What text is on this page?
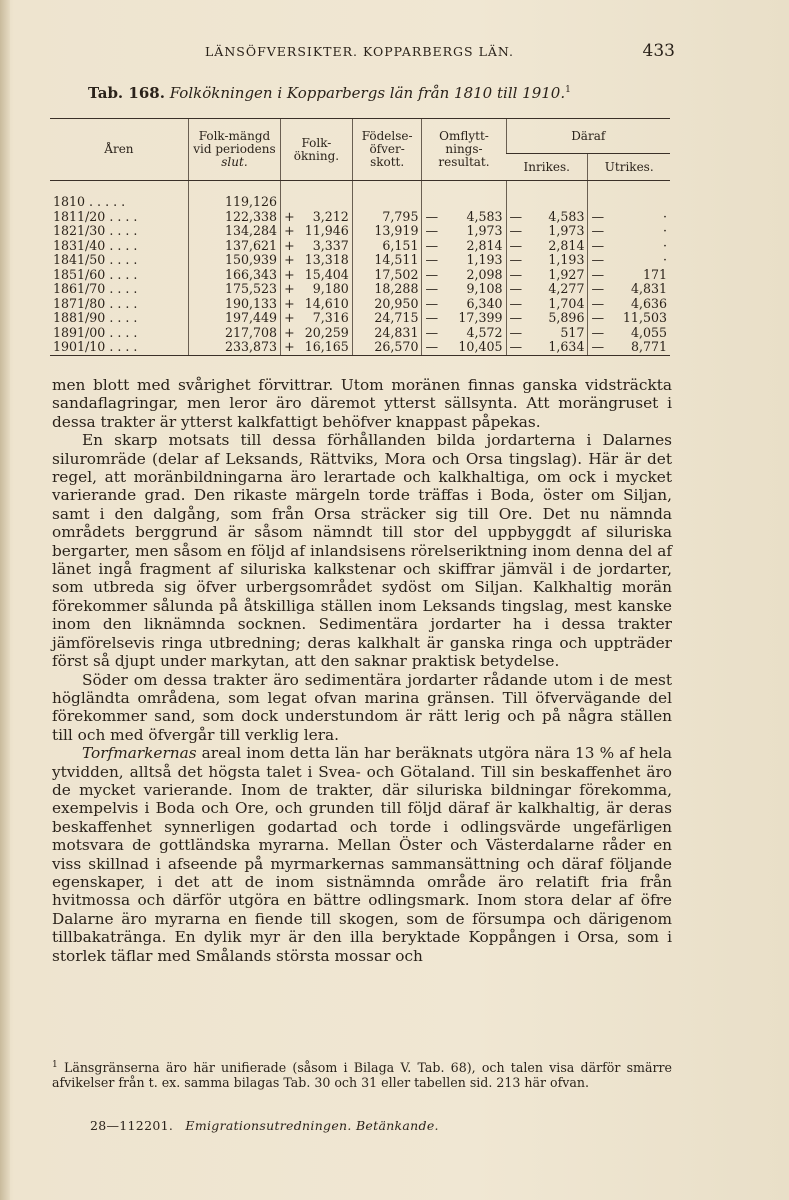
LÄNSÖFVERSIKTER. KOPPARBERGS LÄN.	433
Tab. 168. Folkökningen i Kopparbergs län från 1810 till 1910.$^1$
Åren	Folk-mängd vid periodens
slut.	Folk-ökning.	Födelse-öfver-skott.	Omflytt-nings-resultat.	Däraf	
					Inrikes.	Utrikes.
1810 . . . . .	119,126	

1811/20 . . . .	122,338	+ 3,212	7,795	— 4,583	— 4,583	— ·
1821/30 . . . .	134,284	+ 11,946	13,919	— 1,973	— 1,973	— ·
1831/40 . . . .	137,621	+ 3,337	6,151	— 2,814	— 2,814	— ·
1841/50 . . . .	150,939	+ 13,318	14,511	— 1,193	— 1,193	— ·
1851/60 . . . .	166,343	+ 15,404	17,502	— 2,098	— 1,927	— 171
1861/70 . . . .	175,523	+ 9,180	18,288	— 9,108	— 4,277	— 4,831
1871/80 . . . .	190,133	+ 14,610	20,950	— 6,340	— 1,704	— 4,636
1881/90 . . . .	197,449	+ 7,316	24,715	— 17,399	— 5,896	— 11,503
1891/00 . . . .	217,708	+ 20,259	24,831	— 4,572	— 517	— 4,055
1901/10 . . . .	233,873	+ 16,165	26,570	— 10,405	— 1,634	— 8,771

men blott med svårighet förvittrar. Utom moränen finnas ganska vidsträckta sandaflagringar, men leror äro däremot ytterst sällsynta. Att morängruset i dessa trakter är ytterst kalkfattigt behöfver knappast påpekas.

En skarp motsats till dessa förhållanden bilda jordarterna i Dalarnes siluromräde (delar af Leksands, Rättviks, Mora och Orsa tingslag). Här är det regel, att moränbildningarna äro lerartade och kalkhaltiga, om ock i mycket varierande grad. Den rikaste märgeln torde träffas i Boda, öster om Siljan, samt i den dalgång, som från Orsa sträcker sig till Ore. Det nu nämnda områdets berggrund är såsom nämndt till stor del uppbyggdt af siluriska bergarter, men såsom en följd af inlandsisens rörelseriktning inom denna del af länet ingå fragment af siluriska kalkstenar och skiffrar jämväl i de jordarter, som utbreda sig öfver urbergsområdet sydöst om Siljan. Kalkhaltig morän förekommer sålunda på åtskilliga ställen inom Leksands tingslag, mest kanske inom den liknämnda socknen. Sedimentära jordarter ha i dessa trakter jämförelsevis ringa utbredning; deras kalkhalt är ganska ringa och uppträder först så djupt under markytan, att den saknar praktisk betydelse.

Söder om dessa trakter äro sedimentära jordarter rådande utom i de mest högländta områdena, som legat ofvan marina gränsen. Till öfvervägande del förekommer sand, som dock understundom är rätt lerig och på några ställen till och med öfvergår till verklig lera.

Torfmarkernas areal inom detta län har beräknats utgöra nära 13 % af hela ytvidden, alltså det högsta talet i Svea- och Götaland. Till sin beskaffenhet äro de mycket varierande. Inom de trakter, där siluriska bildningar förekomma, exempelvis i Boda och Ore, och grunden till följd däraf är kalkhaltig, är deras beskaffenhet synnerligen godartad och torde i odlingsvärde ungefärligen motsvara de gottländska myrarna. Mellan Öster och Västerdalarne råder en viss skillnad i afseende på myrmarkernas sammansättning och däraf följande egenskaper, i det att de inom sistnämnda område äro relatift fria från hvitmossa och därför utgöra en bättre odlingsmark. Inom stora delar af öfre Dalarne äro myrarna en fiende till skogen, som de försumpa och därigenom tillbakatränga. En dylik myr är den illa beryktade Koppången i Orsa, som i storlek täflar med Smålands största mossar och

$^1$ Länsgränserna äro här unifierade (såsom i Bilaga V. Tab. 68), och talen visa därför smärre afvikelser från t. ex. samma bilagas Tab. 30 och 31 eller tabellen sid. 213 här ofvan.
28—112201. Emigrationsutredningen. Betänkande.
